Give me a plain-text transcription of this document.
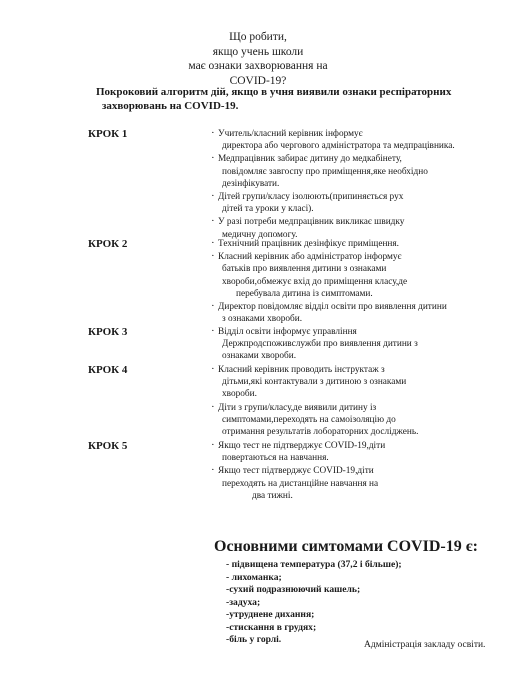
Що робити,
якщо учень школи
має ознаки захворювання на
COVID-19?
Покроковий алгоритм дій, якщо в учня виявили ознаки респіраторних
захворювань на COVID-19.
КРОК 1	· Учитель/класний керівник інформує
директора або чергового адміністратора та медпрацівника.
· Медпрацівник забирає дитину до медкабінету,
повідомляє завгоспу про приміщення,яке необхідно
дезінфікувати.
· Дітей групи/класу ізолюють(припиняється рух
дітей та уроки у класі).
· У разі потреби медпрацівник викликає швидку
медичну допомогу.
КРОК 2	· Технічний працівник дезінфікує приміщення.
· Класний керівник або адміністратор інформує
батьків про виявлення дитини з ознаками
хвороби,обмежує вхід до приміщення класу,де
перебувала дитина із симптомами.
· Директор повідомляє відділ освіти про виявлення дитини
з ознаками хвороби.
КРОК 3	· Відділ освіти інформує управління
Держпродспоживслужби про виявлення дитини з
ознаками хвороби.
КРОК 4	· Класний керівник проводить інструктаж з
дітьми,які контактували з дитиною з ознаками
хвороби.
· Діти з групи/класу,де виявили дитину із
симптомами,переходять на самоізоляцію до
отримання результатів лобораторних досліджень.
КРОК 5	· Якщо тест не підтверджує COVID-19,діти
повертаються на навчання.
· Якщо тест підтверджує COVID-19,діти
переходять на дистанційне навчання на
два тижні.
Основними симтомами COVID-19 є:
- підвищена температура (37,2 і більше);
- лихоманка;
-сухий подразнюючий кашель;
-задуха;
-утруднене дихання;
-стискання в грудях;
-біль у горлі.	Адміністрація закладу освіти.
